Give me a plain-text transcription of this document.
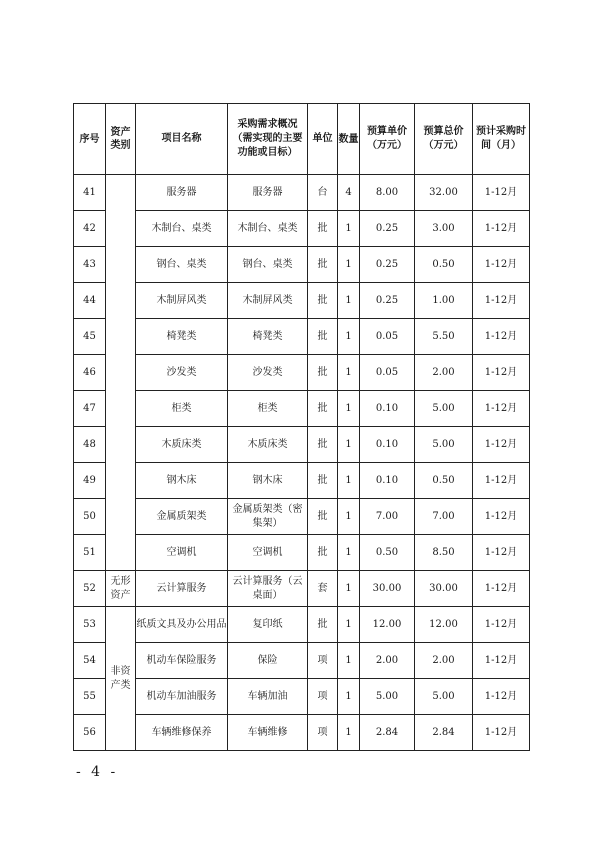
序号	资产类别	项目名称	采购需求概况（需实现的主要功能或目标）	单位	数量	预算单价（万元）	预算总价（万元）	预计采购时间（月）
41		服务器	服务器	台	4	8.00	32.00	1-12月
42		木制台、桌类	木制台、桌类	批	1	0.25	3.00	1-12月
43		钢台、桌类	钢台、桌类	批	1	0.25	0.50	1-12月
44		木制屏风类	木制屏风类	批	1	0.25	1.00	1-12月
45		椅凳类	椅凳类	批	1	0.05	5.50	1-12月
46		沙发类	沙发类	批	1	0.05	2.00	1-12月
47		柜类	柜类	批	1	0.10	5.00	1-12月
48		木质床类	木质床类	批	1	0.10	5.00	1-12月
49		钢木床	钢木床	批	1	0.10	0.50	1-12月
50		金属质架类	金属质架类（密集架）	批	1	7.00	7.00	1-12月
51		空调机	空调机	批	1	0.50	8.50	1-12月
52	无形资产	云计算服务	云计算服务（云桌面）	套	1	30.00	30.00	1-12月
53	非资产类	纸质文具及办公用品	复印纸	批	1	12.00	12.00	1-12月
54		机动车保险服务	保险	项	1	2.00	2.00	1-12月
55		机动车加油服务	车辆加油	项	1	5.00	5.00	1-12月
56		车辆维修保养	车辆维修	项	1	2.84	2.84	1-12月
- 4 -
